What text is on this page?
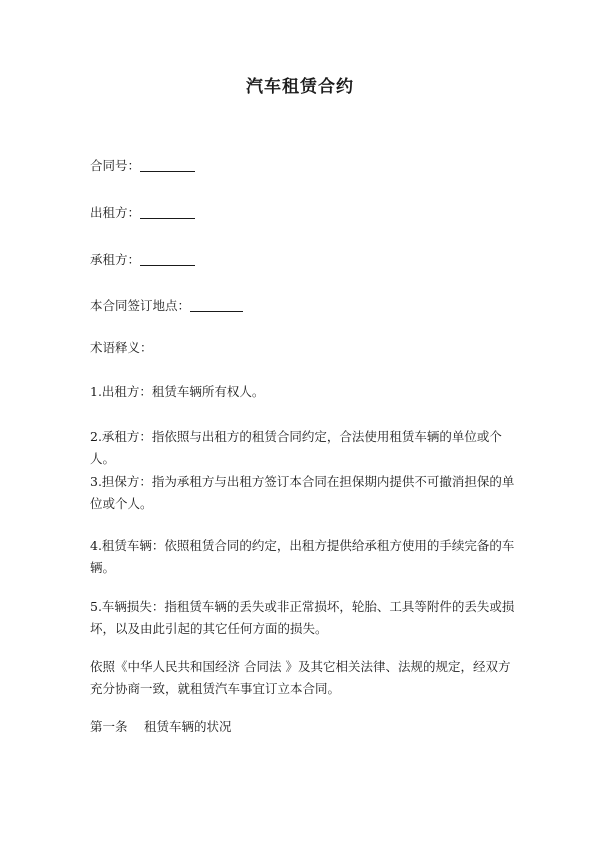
汽车租赁合约
合同号：
出租方：
承租方：
本合同签订地点：
术语释义：
1.出租方：租赁车辆所有权人。
2.承租方：指依照与出租方的租赁合同约定，合法使用租赁车辆的单位或个人。
3.担保方：指为承租方与出租方签订本合同在担保期内提供不可撤消担保的单位或个人。
4.租赁车辆：依照租赁合同的约定，出租方提供给承租方使用的手续完备的车辆。
5.车辆损失：指租赁车辆的丢失或非正常损坏，轮胎、工具等附件的丢失或损坏，以及由此引起的其它任何方面的损失。
依照《中华人民共和国经济 合同法 》及其它相关法律、法规的规定，经双方充分协商一致，就租赁汽车事宜订立本合同。
第一条　 租赁车辆的状况
